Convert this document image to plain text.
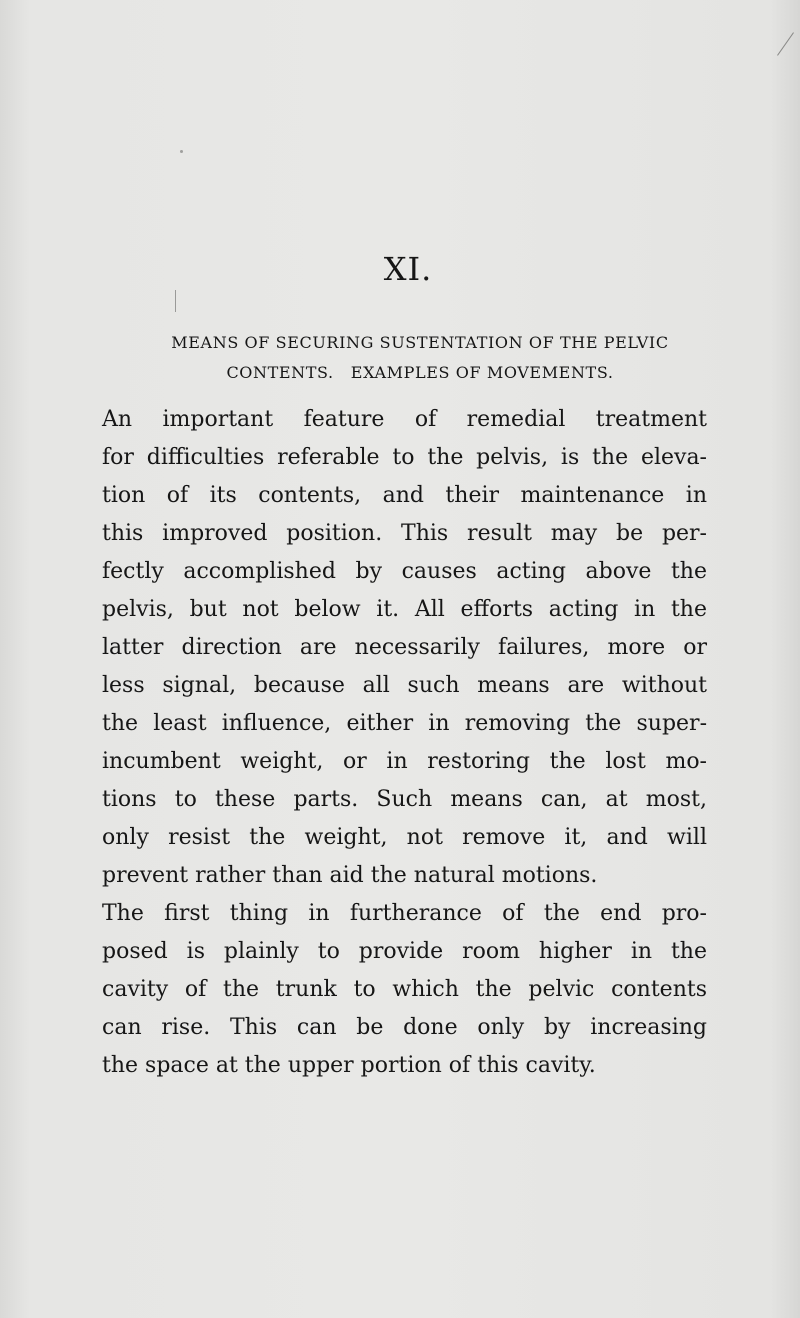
XI.
MEANS OF SECURING SUSTENTATION OF THE PELVIC
CONTENTS.   EXAMPLES OF MOVEMENTS.
An important feature of remedial treatment
for difficulties referable to the pelvis, is the eleva-
tion of its contents, and their maintenance in
this improved position. This result may be per-
fectly accomplished by causes acting above the
pelvis, but not below it. All efforts acting in the
latter direction are necessarily failures, more or
less signal, because all such means are without
the least influence, either in removing the super-
incumbent weight, or in restoring the lost mo-
tions to these parts. Such means can, at most,
only resist the weight, not remove it, and will
prevent rather than aid the natural motions.
The first thing in furtherance of the end pro-
posed is plainly to provide room higher in the
cavity of the trunk to which the pelvic contents
can rise. This can be done only by increasing
the space at the upper portion of this cavity.
